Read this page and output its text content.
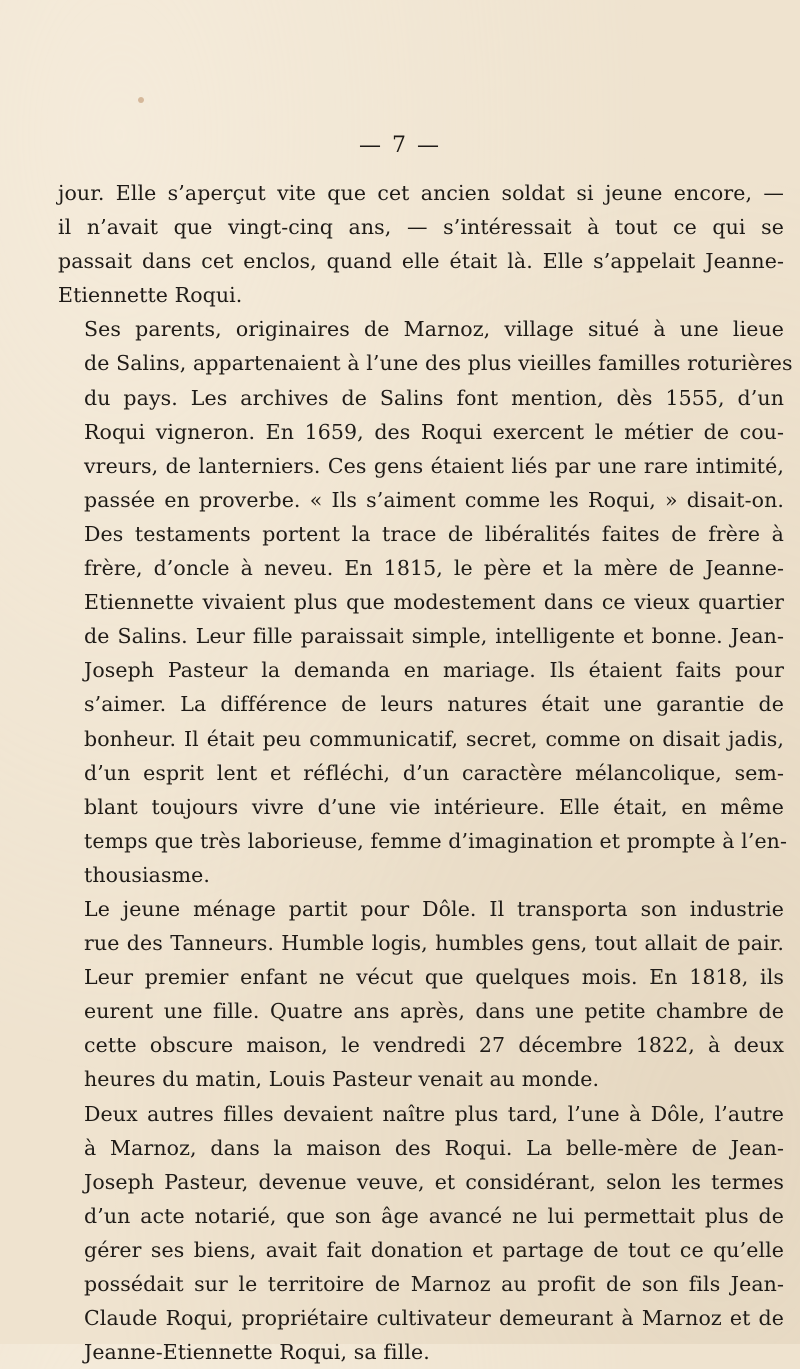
— 7 —

jour. Elle s’aperçut vite que cet ancien soldat si jeune encore, —
il n’avait que vingt-cinq ans, — s’intéressait à tout ce qui se
passait dans cet enclos, quand elle était là. Elle s’appelait Jeanne-
Etiennette Roqui.

Ses parents, originaires de Marnoz, village situé à une lieue
de Salins, appartenaient à l’une des plus vieilles familles roturières
du pays. Les archives de Salins font mention, dès 1555, d’un
Roqui vigneron. En 1659, des Roqui exercent le métier de cou-
vreurs, de lanterniers. Ces gens étaient liés par une rare intimité,
passée en proverbe. « Ils s’aiment comme les Roqui, » disait-on.
Des testaments portent la trace de libéralités faites de frère à
frère, d’oncle à neveu. En 1815, le père et la mère de Jeanne-
Etiennette vivaient plus que modestement dans ce vieux quartier
de Salins. Leur fille paraissait simple, intelligente et bonne. Jean-
Joseph Pasteur la demanda en mariage. Ils étaient faits pour
s’aimer. La différence de leurs natures était une garantie de
bonheur. Il était peu communicatif, secret, comme on disait jadis,
d’un esprit lent et réfléchi, d’un caractère mélancolique, sem-
blant toujours vivre d’une vie intérieure. Elle était, en même
temps que très laborieuse, femme d’imagination et prompte à l’en-
thousiasme.

Le jeune ménage partit pour Dôle. Il transporta son industrie
rue des Tanneurs. Humble logis, humbles gens, tout allait de pair.
Leur premier enfant ne vécut que quelques mois. En 1818, ils
eurent une fille. Quatre ans après, dans une petite chambre de
cette obscure maison, le vendredi 27 décembre 1822, à deux
heures du matin, Louis Pasteur venait au monde.

Deux autres filles devaient naître plus tard, l’une à Dôle, l’autre
à Marnoz, dans la maison des Roqui. La belle-mère de Jean-
Joseph Pasteur, devenue veuve, et considérant, selon les termes
d’un acte notarié, que son âge avancé ne lui permettait plus de
gérer ses biens, avait fait donation et partage de tout ce qu’elle
possédait sur le territoire de Marnoz au profit de son fils Jean-
Claude Roqui, propriétaire cultivateur demeurant à Marnoz et de
Jeanne-Etiennette Roqui, sa fille.
